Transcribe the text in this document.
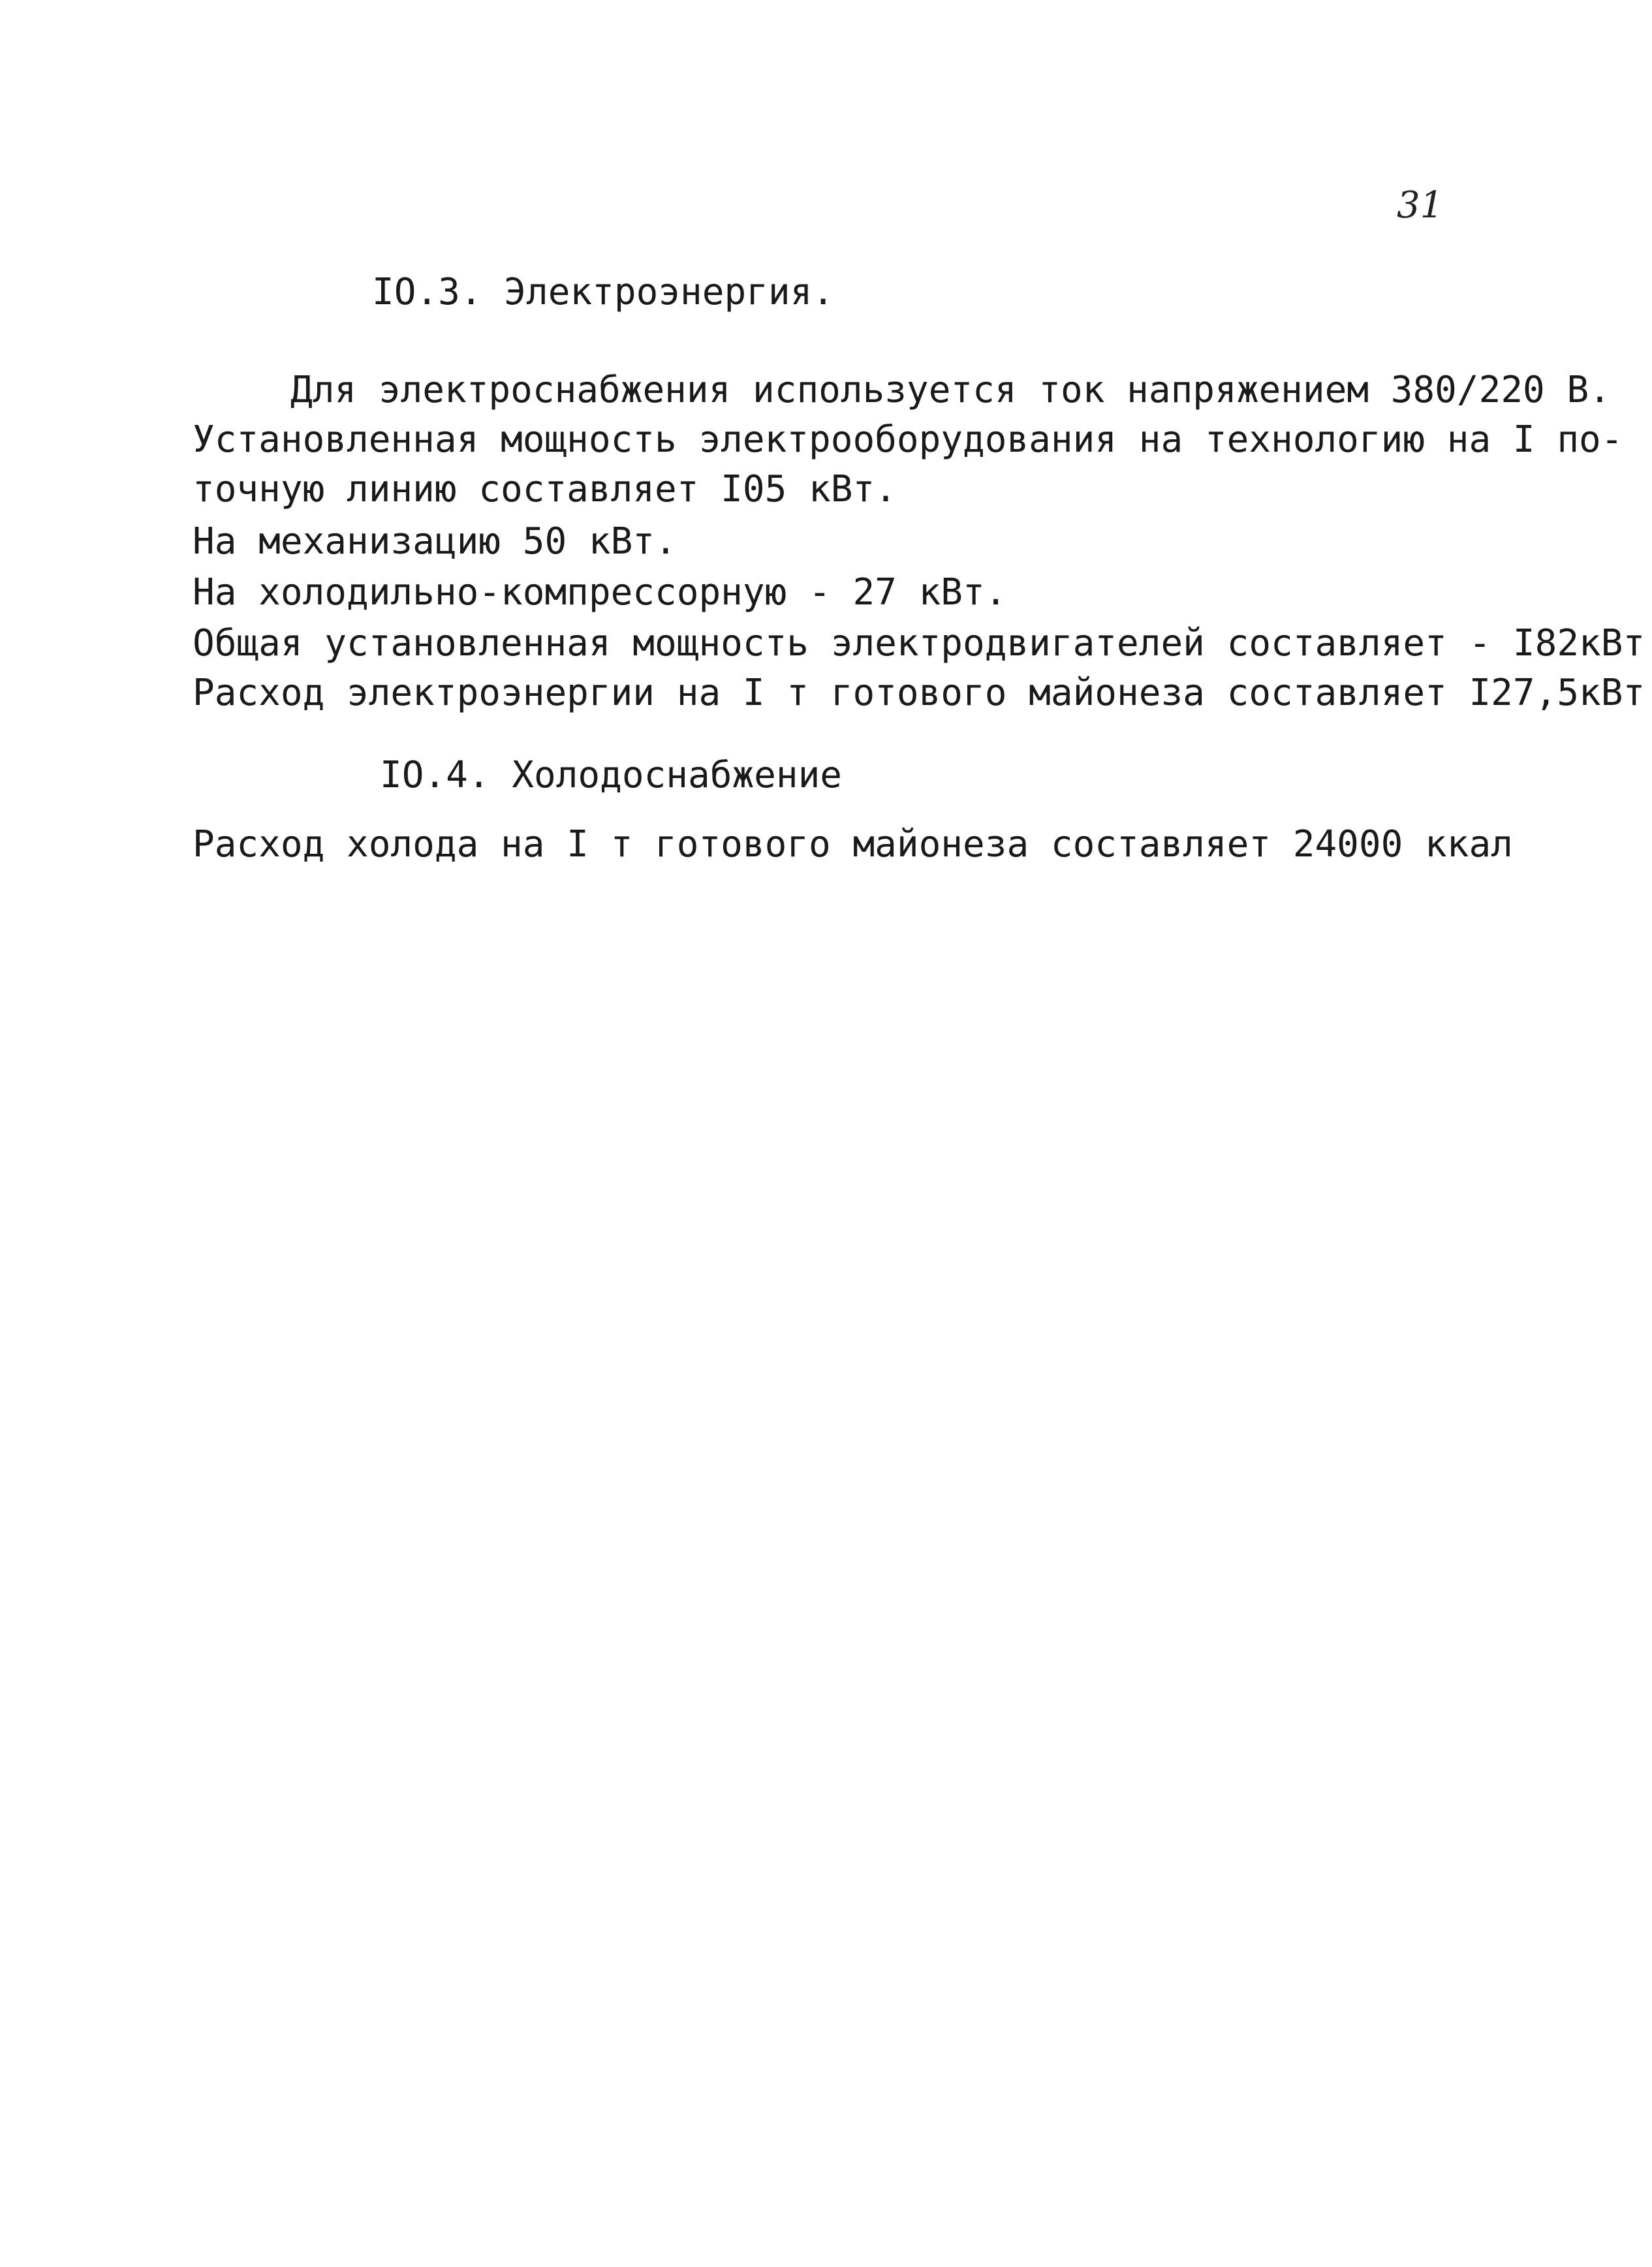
31
IO.3. Электроэнергия.
Для электроснабжения используется ток напряжением 380/220 В.
Установленная мощность электрооборудования на технологию на I по-
точную линию составляет I05 кВт.
На механизацию 50 кВт.
На холодильно-компрессорную - 27 кВт.
Общая установленная мощность электродвигателей составляет - I82кВт
Расход электроэнергии на I т готового майонеза составляет I27,5кВт
IO.4. Холодоснабжение
Расход холода на I т готового майонеза составляет 24000 ккал
